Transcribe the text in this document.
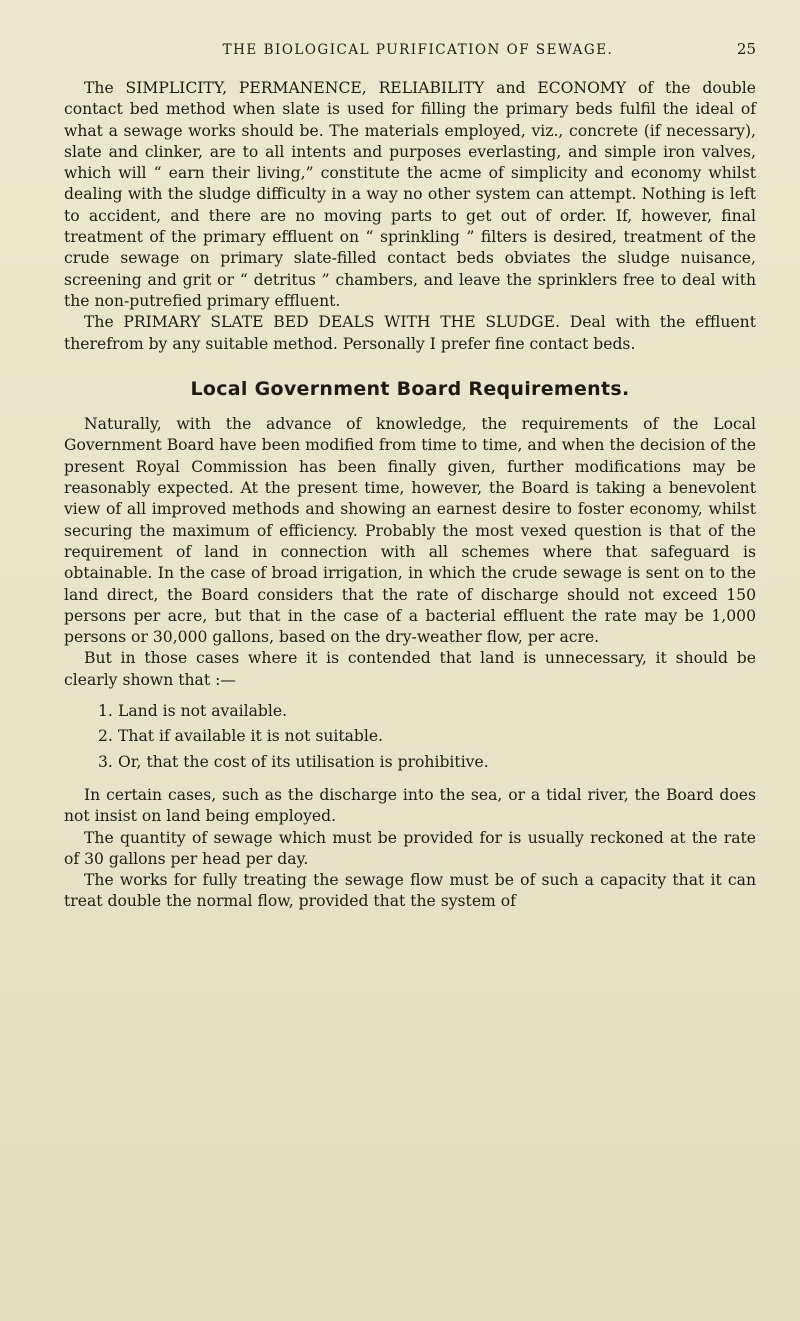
THE BIOLOGICAL PURIFICATION OF SEWAGE.	25

The SIMPLICITY, PERMANENCE, RELIABILITY and ECONOMY of the double contact bed method when slate is used for filling the primary beds fulfil the ideal of what a sewage works should be. The materials employed, viz., concrete (if necessary), slate and clinker, are to all intents and purposes everlasting, and simple iron valves, which will “ earn their living,” constitute the acme of simplicity and economy whilst dealing with the sludge difficulty in a way no other system can attempt. Nothing is left to accident, and there are no moving parts to get out of order. If, however, final treatment of the primary effluent on “ sprinkling ” filters is desired, treatment of the crude sewage on primary slate-filled contact beds obviates the sludge nuisance, screening and grit or “ detritus ” chambers, and leave the sprinklers free to deal with the non-putrefied primary effluent.

The PRIMARY SLATE BED DEALS WITH THE SLUDGE. Deal with the effluent therefrom by any suitable method. Personally I prefer fine contact beds.

Local Government Board Requirements.

Naturally, with the advance of knowledge, the requirements of the Local Government Board have been modified from time to time, and when the decision of the present Royal Commission has been finally given, further modifications may be reasonably expected. At the present time, however, the Board is taking a benevolent view of all improved methods and showing an earnest desire to foster economy, whilst securing the maximum of efficiency. Probably the most vexed question is that of the requirement of land in connection with all schemes where that safeguard is obtainable. In the case of broad irrigation, in which the crude sewage is sent on to the land direct, the Board considers that the rate of discharge should not exceed 150 persons per acre, but that in the case of a bacterial effluent the rate may be 1,000 persons or 30,000 gallons, based on the dry-weather flow, per acre.

But in those cases where it is contended that land is unnecessary, it should be clearly shown that :—

1. Land is not available.
2. That if available it is not suitable.
3. Or, that the cost of its utilisation is prohibitive.

In certain cases, such as the discharge into the sea, or a tidal river, the Board does not insist on land being employed.

The quantity of sewage which must be provided for is usually reckoned at the rate of 30 gallons per head per day.

The works for fully treating the sewage flow must be of such a capacity that it can treat double the normal flow, provided that the system of
